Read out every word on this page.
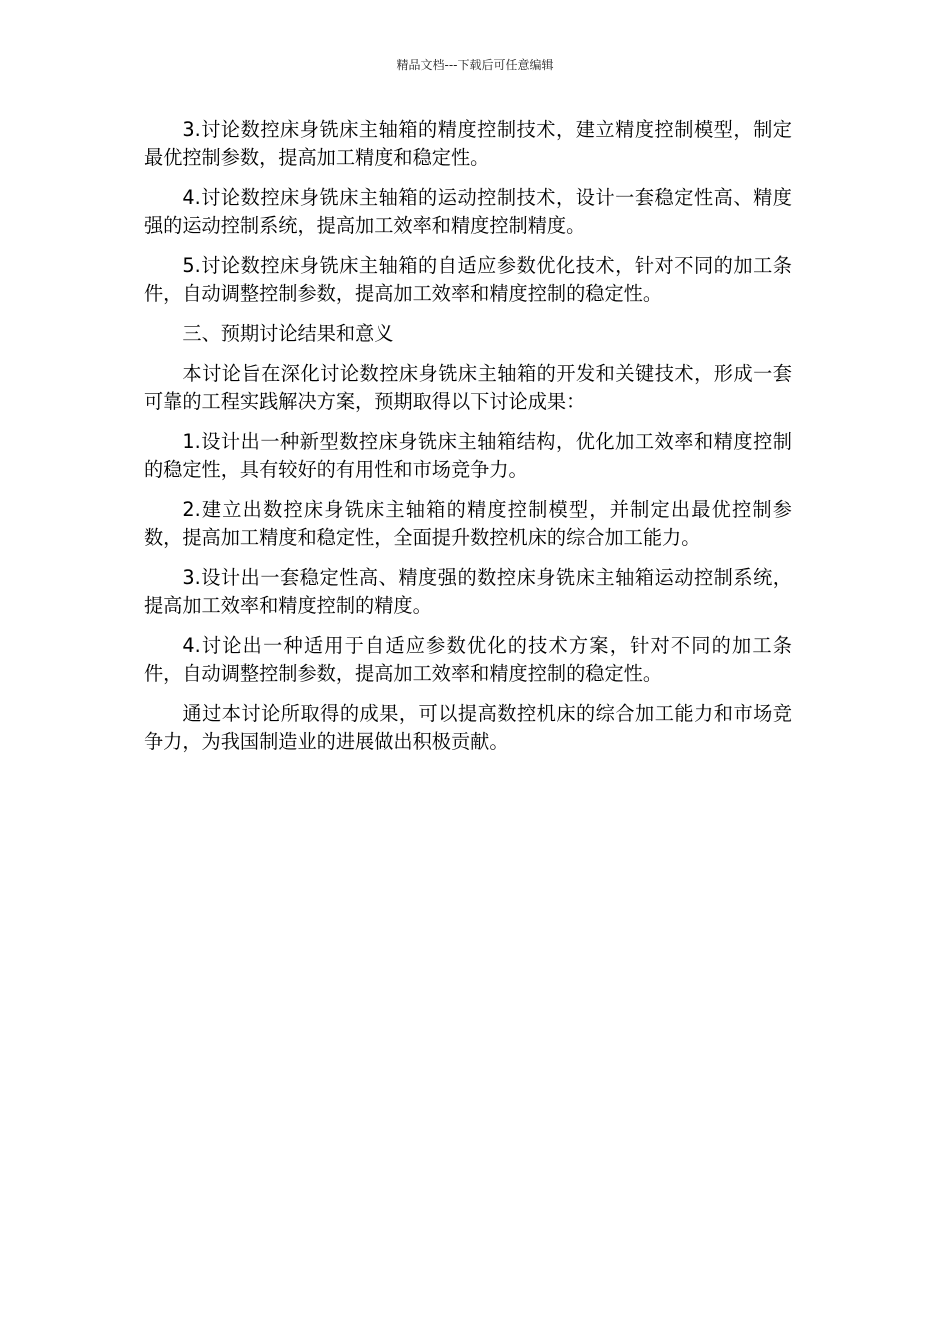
精品文档---下载后可任意编辑

3.讨论数控床身铣床主轴箱的精度控制技术，建立精度控制模型，制定最优控制参数，提高加工精度和稳定性。

4.讨论数控床身铣床主轴箱的运动控制技术，设计一套稳定性高、精度强的运动控制系统，提高加工效率和精度控制精度。

5.讨论数控床身铣床主轴箱的自适应参数优化技术，针对不同的加工条件，自动调整控制参数，提高加工效率和精度控制的稳定性。

三、预期讨论结果和意义

本讨论旨在深化讨论数控床身铣床主轴箱的开发和关键技术，形成一套可靠的工程实践解决方案，预期取得以下讨论成果：

1.设计出一种新型数控床身铣床主轴箱结构，优化加工效率和精度控制的稳定性，具有较好的有用性和市场竞争力。

2.建立出数控床身铣床主轴箱的精度控制模型，并制定出最优控制参数，提高加工精度和稳定性，全面提升数控机床的综合加工能力。

3.设计出一套稳定性高、精度强的数控床身铣床主轴箱运动控制系统，提高加工效率和精度控制的精度。

4.讨论出一种适用于自适应参数优化的技术方案，针对不同的加工条件，自动调整控制参数，提高加工效率和精度控制的稳定性。

通过本讨论所取得的成果，可以提高数控机床的综合加工能力和市场竞争力，为我国制造业的进展做出积极贡献。
